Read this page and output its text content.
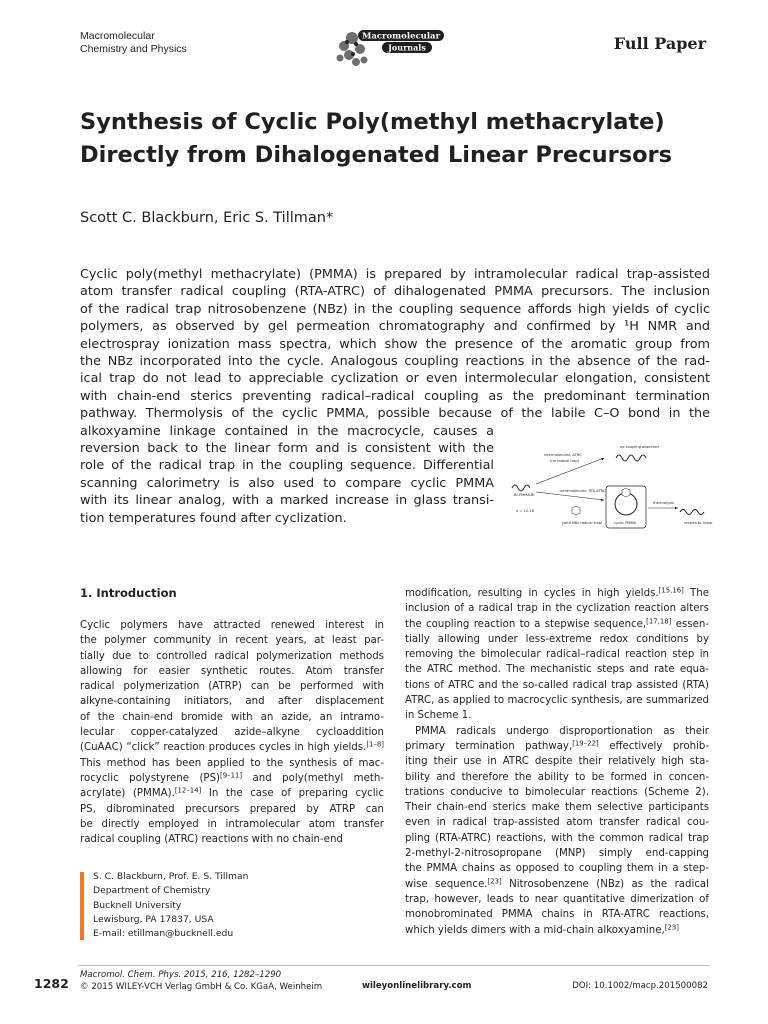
Macromolecular
Chemistry and Physics
Macromolecular
Journals	Full Paper
Synthesis of Cyclic Poly(methyl methacrylate)
Directly from Dihalogenated Linear Precursors
Scott C. Blackburn, Eric S. Tillman*
Cyclic poly(methyl methacrylate) (PMMA) is prepared by intramolecular radical trap-assisted
atom transfer radical coupling (RTA-ATRC) of dihalogenated PMMA precursors. The inclusion
of the radical trap nitrosobenzene (NBz) in the coupling sequence affords high yields of cyclic
polymers, as observed by gel permeation chromatography and confirmed by ¹H NMR and
electrospray ionization mass spectra, which show the presence of the aromatic group from
the NBz incorporated into the cycle. Analogous coupling reactions in the absence of the rad-
ical trap do not lead to appreciable cyclization or even intermolecular elongation, consistent
with chain-end sterics preventing radical–radical coupling as the predominant termination
pathway. Thermolysis of the cyclic PMMA, possible because of the labile C–O bond in the
alkoxyamine linkage contained in the macrocycle, causes a
reversion back to the linear form and is consistent with the
role of the radical trap in the coupling sequence. Differential
scanning calorimetry is also used to compare cyclic PMMA
with its linear analog, with a marked increase in glass transi-
tion temperatures found after cyclization.
Br-PMMA-Br
n = 12-18
intermolecular, ATRC
(no radical trap)
no coupling observed
intramolecular, RTA-ATRC
(with NBz radical trap)	cyclic PMMA
thermolysis
reverts to linear
1. Introduction
Cyclic polymers have attracted renewed interest in
the polymer community in recent years, at least par-
tially due to controlled radical polymerization methods
allowing for easier synthetic routes. Atom transfer
radical polymerization (ATRP) can be performed with
alkyne-containing initiators, and after displacement
of the chain-end bromide with an azide, an intramo-
lecular copper-catalyzed azide–alkyne cycloaddition
(CuAAC) “click” reaction produces cycles in high yields.[1–8]
This method has been applied to the synthesis of mac-
rocyclic polystyrene (PS)[9–11] and poly(methyl meth-
acrylate) (PMMA).[12–14] In the case of preparing cyclic
PS, dibrominated precursors prepared by ATRP can
be directly employed in intramolecular atom transfer
radical coupling (ATRC) reactions with no chain-end
modification, resulting in cycles in high yields.[15,16] The
inclusion of a radical trap in the cyclization reaction alters
the coupling reaction to a stepwise sequence,[17,18] essen-
tially allowing under less-extreme redox conditions by
removing the bimolecular radical–radical reaction step in
the ATRC method. The mechanistic steps and rate equa-
tions of ATRC and the so-called radical trap assisted (RTA)
ATRC, as applied to macrocyclic synthesis, are summarized
in Scheme 1.
PMMA radicals undergo disproportionation as their
primary termination pathway,[19–22] effectively prohib-
iting their use in ATRC despite their relatively high sta-
bility and therefore the ability to be formed in concen-
trations conducive to bimolecular reactions (Scheme 2).
Their chain-end sterics make them selective participants
even in radical trap-assisted atom transfer radical cou-
pling (RTA-ATRC) reactions, with the common radical trap
2-methyl-2-nitrosopropane (MNP) simply end-capping
the PMMA chains as opposed to coupling them in a step-
wise sequence.[23] Nitrosobenzene (NBz) as the radical
trap, however, leads to near quantitative dimerization of
monobrominated PMMA chains in RTA-ATRC reactions,
which yields dimers with a mid-chain alkoxyamine,[23]
S. C. Blackburn, Prof. E. S. Tillman
Department of Chemistry
Bucknell University
Lewisburg, PA 17837, USA
E-mail: etillman@bucknell.edu
1282
Macromol. Chem. Phys. 2015, 216, 1282–1290
© 2015 WILEY-VCH Verlag GmbH & Co. KGaA, Weinheim	wileyonlinelibrary.com	DOI: 10.1002/macp.201500082
